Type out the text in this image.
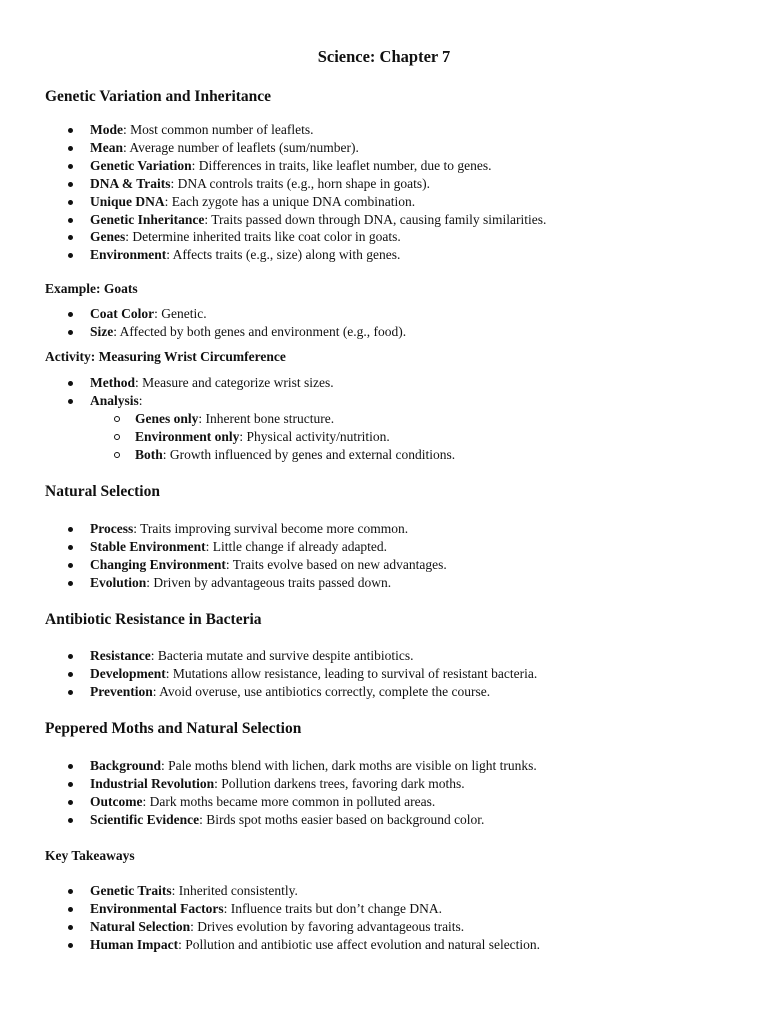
Science: Chapter 7
Genetic Variation and Inheritance
Mode: Most common number of leaflets.
Mean: Average number of leaflets (sum/number).
Genetic Variation: Differences in traits, like leaflet number, due to genes.
DNA & Traits: DNA controls traits (e.g., horn shape in goats).
Unique DNA: Each zygote has a unique DNA combination.
Genetic Inheritance: Traits passed down through DNA, causing family similarities.
Genes: Determine inherited traits like coat color in goats.
Environment: Affects traits (e.g., size) along with genes.
Example: Goats
Coat Color: Genetic.
Size: Affected by both genes and environment (e.g., food).
Activity: Measuring Wrist Circumference
Method: Measure and categorize wrist sizes.
Analysis:
Genes only: Inherent bone structure.
Environment only: Physical activity/nutrition.
Both: Growth influenced by genes and external conditions.
Natural Selection
Process: Traits improving survival become more common.
Stable Environment: Little change if already adapted.
Changing Environment: Traits evolve based on new advantages.
Evolution: Driven by advantageous traits passed down.
Antibiotic Resistance in Bacteria
Resistance: Bacteria mutate and survive despite antibiotics.
Development: Mutations allow resistance, leading to survival of resistant bacteria.
Prevention: Avoid overuse, use antibiotics correctly, complete the course.
Peppered Moths and Natural Selection
Background: Pale moths blend with lichen, dark moths are visible on light trunks.
Industrial Revolution: Pollution darkens trees, favoring dark moths.
Outcome: Dark moths became more common in polluted areas.
Scientific Evidence: Birds spot moths easier based on background color.
Key Takeaways
Genetic Traits: Inherited consistently.
Environmental Factors: Influence traits but don’t change DNA.
Natural Selection: Drives evolution by favoring advantageous traits.
Human Impact: Pollution and antibiotic use affect evolution and natural selection.
